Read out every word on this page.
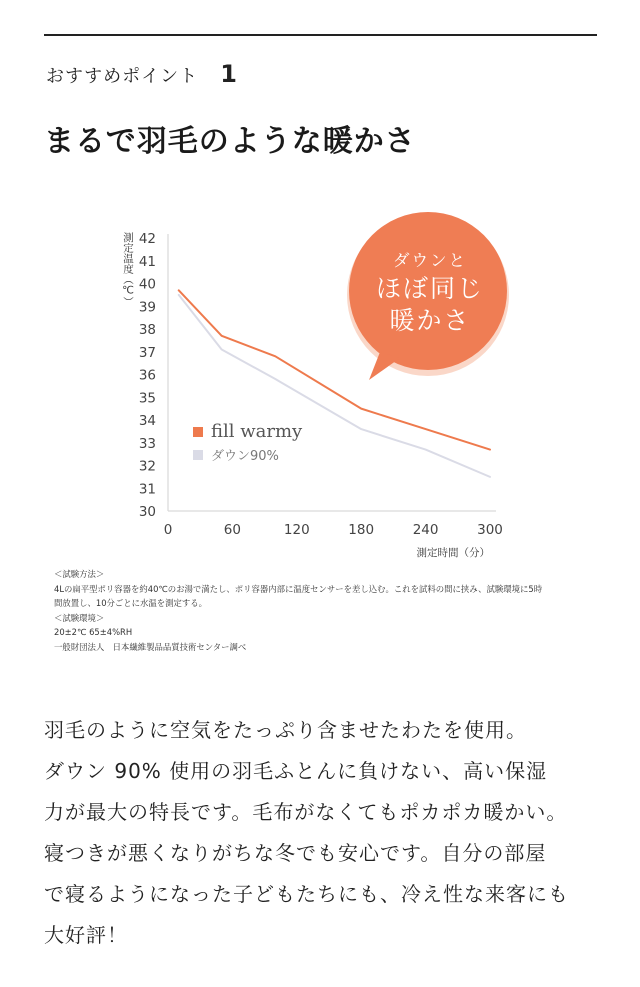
おすすめポイント 1
まるで羽毛のような暖かさ
30
31
32
33
34
35
36
37
38
39
40
41
42
0	60	120	180	240	300
測定時間（分）
測定温度（℃）	ダウンと
ほぼ同じ
暖かさ
fill warmy
ダウン90%
＜試験方法＞
4Lの扁平型ポリ容器を約40℃のお湯で満たし、ポリ容器内部に温度センサーを差し込む。これを試料の間に挟み、試験環境に5時
間放置し、10分ごとに水温を測定する。
＜試験環境＞
20±2℃ 65±4%RH
一般財団法人　日本繊維製品品質技術センター調べ
羽毛のように空気をたっぷり含ませたわたを使用。
ダウン 90% 使用の羽毛ふとんに負けない、高い保湿
力が最大の特長です。毛布がなくてもポカポカ暖かい。
寝つきが悪くなりがちな冬でも安心です。自分の部屋
で寝るようになった子どもたちにも、冷え性な来客にも
大好評！
